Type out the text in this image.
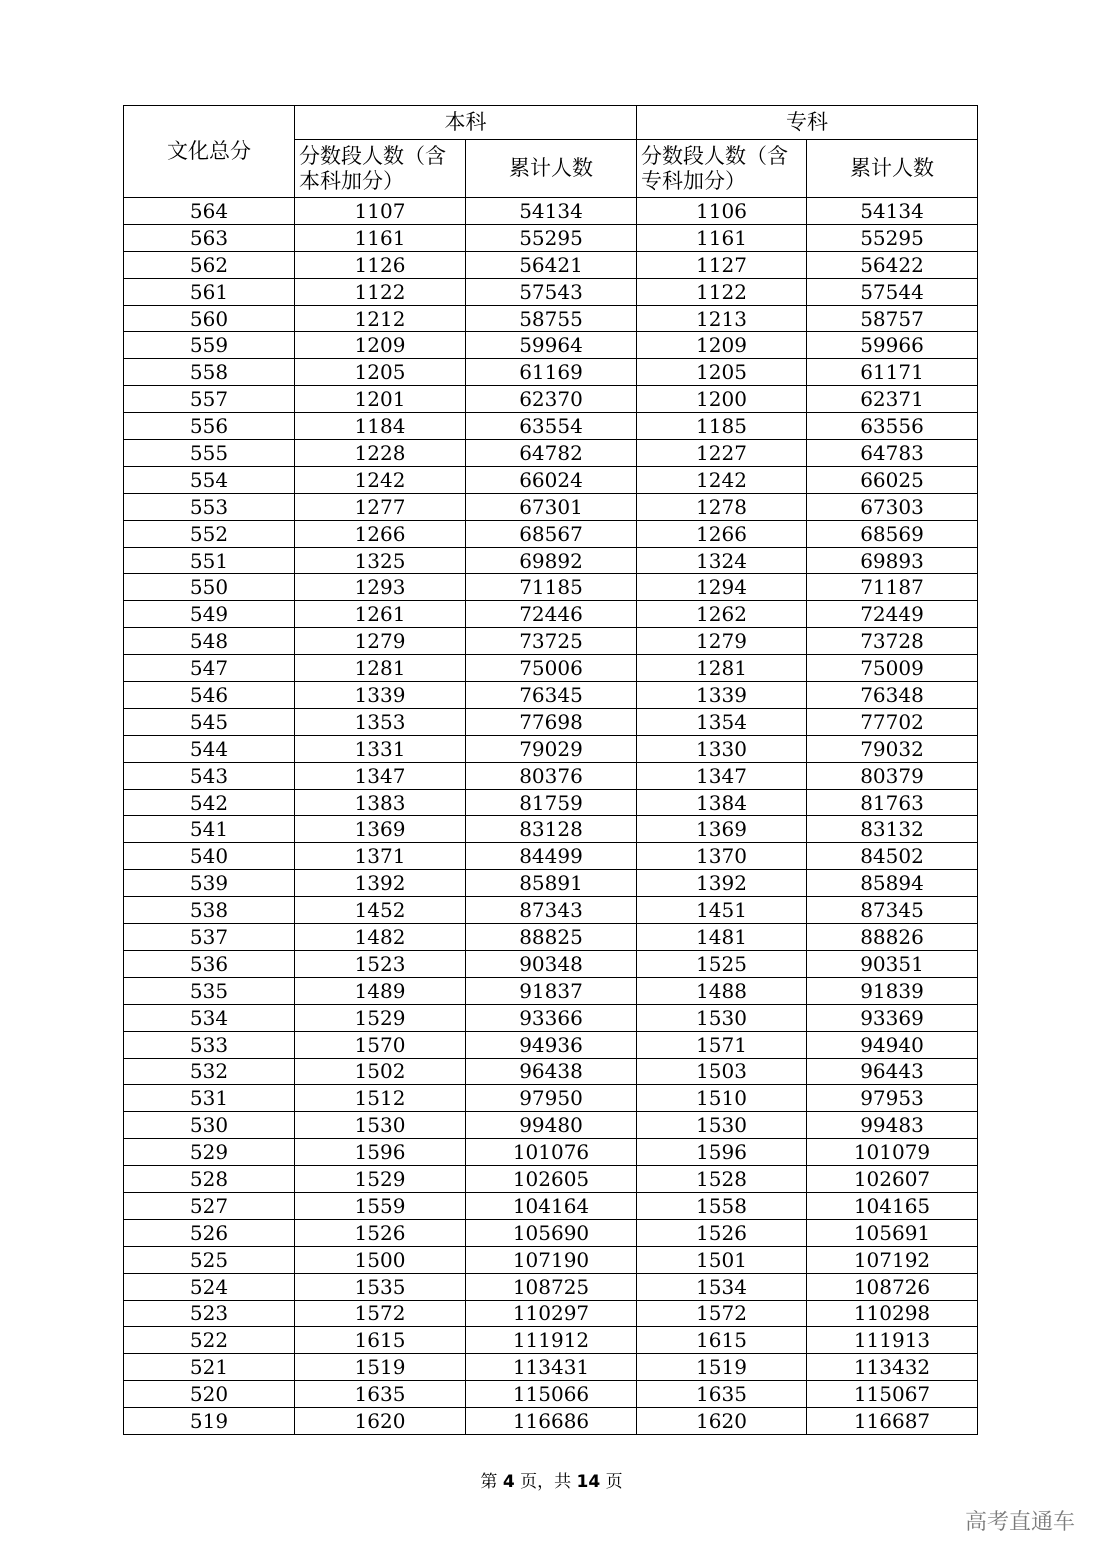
文化总分	本科		专科	

	分数段人数（含本科加分）	累计人数	分数段人数（含专科加分）	累计人数
564	1107	54134	1106	54134
563	1161	55295	1161	55295
562	1126	56421	1127	56422
561	1122	57543	1122	57544
560	1212	58755	1213	58757
559	1209	59964	1209	59966
558	1205	61169	1205	61171
557	1201	62370	1200	62371
556	1184	63554	1185	63556
555	1228	64782	1227	64783
554	1242	66024	1242	66025
553	1277	67301	1278	67303
552	1266	68567	1266	68569
551	1325	69892	1324	69893
550	1293	71185	1294	71187
549	1261	72446	1262	72449
548	1279	73725	1279	73728
547	1281	75006	1281	75009
546	1339	76345	1339	76348
545	1353	77698	1354	77702
544	1331	79029	1330	79032
543	1347	80376	1347	80379
542	1383	81759	1384	81763
541	1369	83128	1369	83132
540	1371	84499	1370	84502
539	1392	85891	1392	85894
538	1452	87343	1451	87345
537	1482	88825	1481	88826
536	1523	90348	1525	90351
535	1489	91837	1488	91839
534	1529	93366	1530	93369
533	1570	94936	1571	94940
532	1502	96438	1503	96443
531	1512	97950	1510	97953
530	1530	99480	1530	99483
529	1596	101076	1596	101079
528	1529	102605	1528	102607
527	1559	104164	1558	104165
526	1526	105690	1526	105691
525	1500	107190	1501	107192
524	1535	108725	1534	108726
523	1572	110297	1572	110298
522	1615	111912	1615	111913
521	1519	113431	1519	113432
520	1635	115066	1635	115067
519	1620	116686	1620	116687
第 4 页，共 14 页
高考直通车
